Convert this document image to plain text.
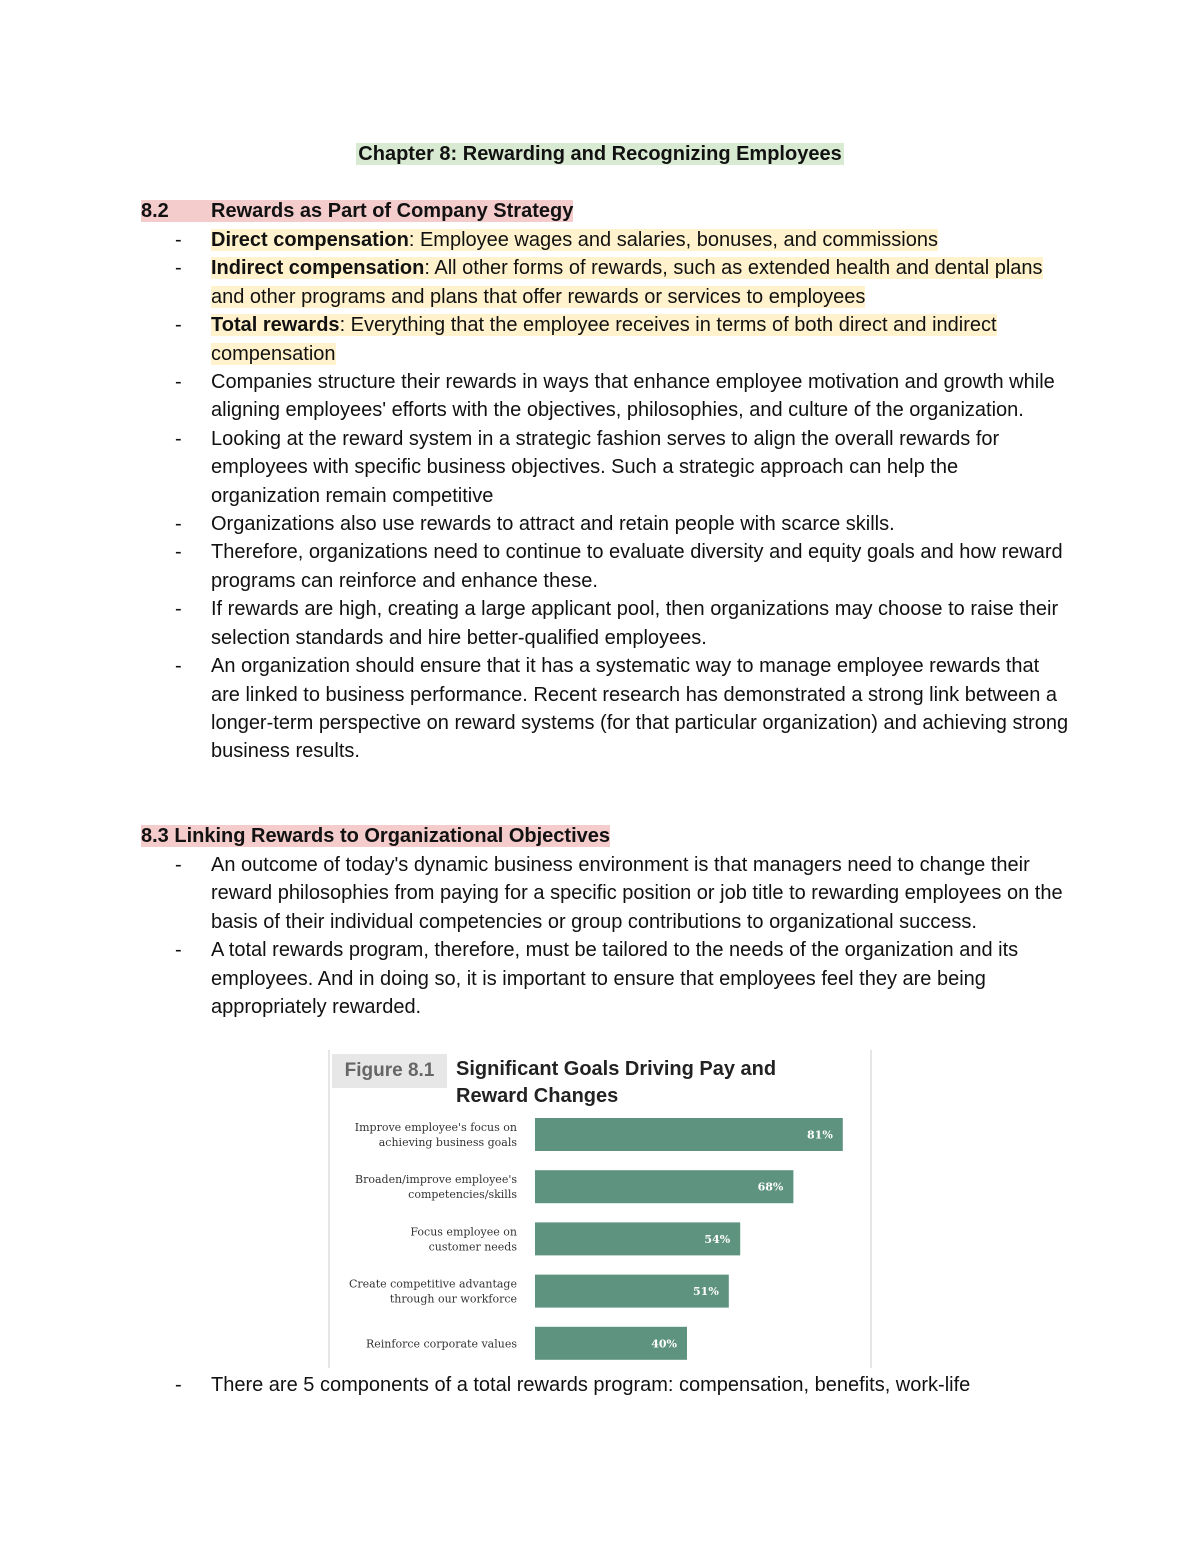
Chapter 8: Rewarding and Recognizing Employees
8.2 Rewards as Part of Company Strategy
- Direct compensation: Employee wages and salaries, bonuses, and commissions
- Indirect compensation: All other forms of rewards, such as extended health and dental plans and other programs and plans that offer rewards or services to employees
- Total rewards: Everything that the employee receives in terms of both direct and indirect compensation
- Companies structure their rewards in ways that enhance employee motivation and growth while aligning employees' efforts with the objectives, philosophies, and culture of the organization.
- Looking at the reward system in a strategic fashion serves to align the overall rewards for employees with specific business objectives. Such a strategic approach can help the organization remain competitive
- Organizations also use rewards to attract and retain people with scarce skills.
- Therefore, organizations need to continue to evaluate diversity and equity goals and how reward programs can reinforce and enhance these.
- If rewards are high, creating a large applicant pool, then organizations may choose to raise their selection standards and hire better-qualified employees.
- An organization should ensure that it has a systematic way to manage employee rewards that are linked to business performance. Recent research has demonstrated a strong link between a longer-term perspective on reward systems (for that particular organization) and achieving strong business results.
8.3 Linking Rewards to Organizational Objectives
- An outcome of today's dynamic business environment is that managers need to change their reward philosophies from paying for a specific position or job title to rewarding employees on the basis of their individual competencies or group contributions to organizational success.
- A total rewards program, therefore, must be tailored to the needs of the organization and its employees. And in doing so, it is important to ensure that employees feel they are being appropriately rewarded.
Figure 8.1	Significant Goals Driving Pay and Reward Changes
81%
Improve employee's focus on
achieving business goals
68%
Broaden/improve employee's
competencies/skills
54%
Focus employee on
customer needs
51%
Create competitive advantage
through our workforce
40%
Reinforce corporate values
- There are 5 components of a total rewards program: compensation, benefits, work-life
